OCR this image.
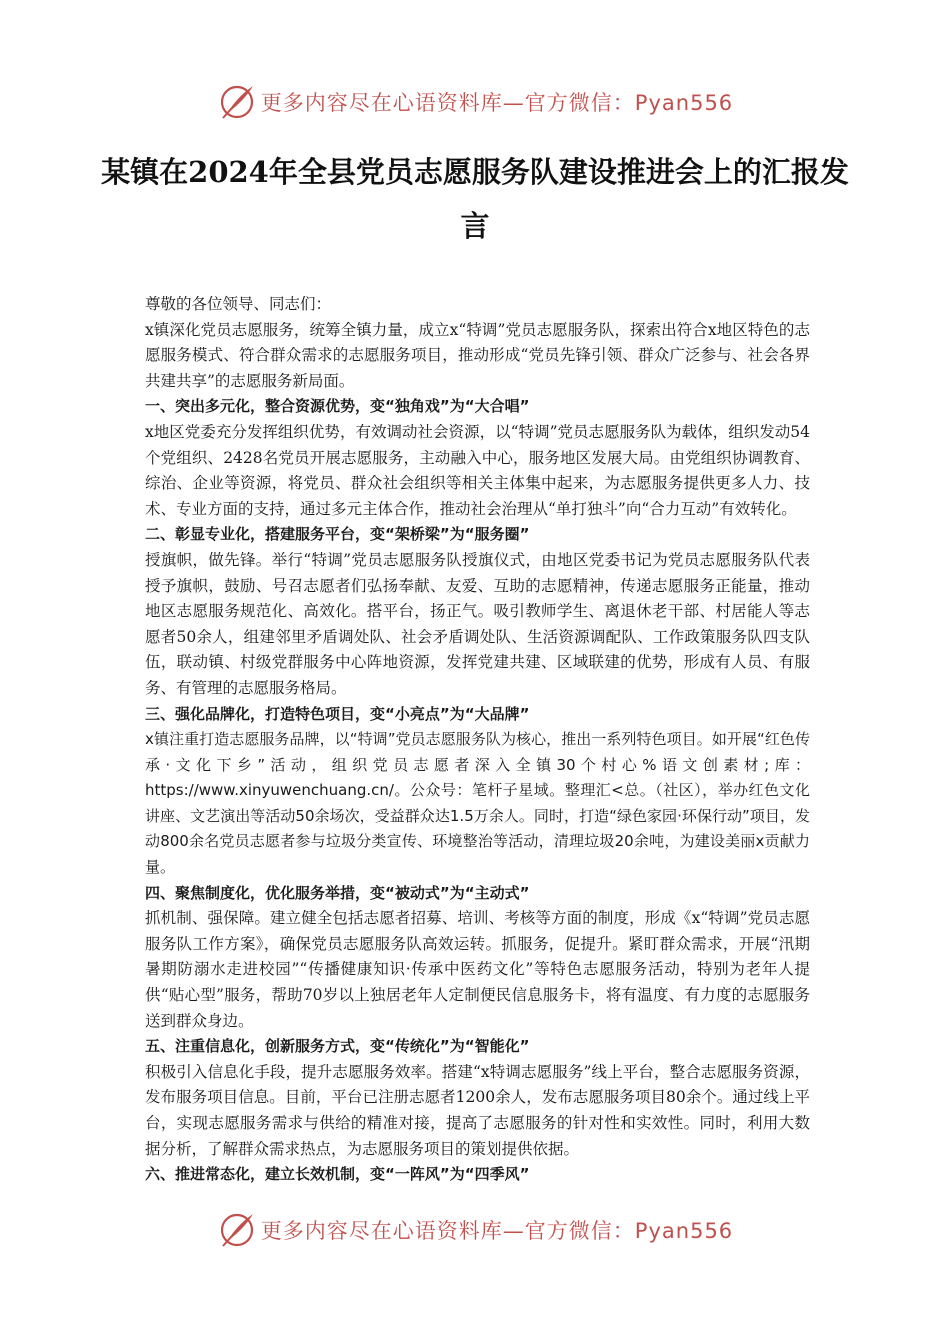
更多内容尽在心语资料库—官方微信：Pyan556
某镇在2024年全县党员志愿服务队建设推进会上的汇报发言

尊敬的各位领导、同志们：

x镇深化党员志愿服务，统筹全镇力量，成立x“特调”党员志愿服务队，探索出符合x地区特色的志愿服务模式、符合群众需求的志愿服务项目，推动形成“党员先锋引领、群众广泛参与、社会各界共建共享”的志愿服务新局面。

一、突出多元化，整合资源优势，变“独角戏”为“大合唱”

x地区党委充分发挥组织优势，有效调动社会资源，以“特调”党员志愿服务队为载体，组织发动54个党组织、2428名党员开展志愿服务，主动融入中心，服务地区发展大局。由党组织协调教育、综治、企业等资源，将党员、群众社会组织等相关主体集中起来，为志愿服务提供更多人力、技术、专业方面的支持，通过多元主体合作，推动社会治理从“单打独斗”向“合力互动”有效转化。

二、彰显专业化，搭建服务平台，变“架桥梁”为“服务圈”

授旗帜，做先锋。举行“特调”党员志愿服务队授旗仪式，由地区党委书记为党员志愿服务队代表授予旗帜，鼓励、号召志愿者们弘扬奉献、友爱、互助的志愿精神，传递志愿服务正能量，推动地区志愿服务规范化、高效化。搭平台，扬正气。吸引教师学生、离退休老干部、村居能人等志愿者50余人，组建邻里矛盾调处队、社会矛盾调处队、生活资源调配队、工作政策服务队四支队伍，联动镇、村级党群服务中心阵地资源，发挥党建共建、区域联建的优势，形成有人员、有服务、有管理的志愿服务格局。

三、强化品牌化，打造特色项目，变“小亮点”为“大品牌”

x镇注重打造志愿服务品牌，以“特调”党员志愿服务队为核心，推出一系列特色项目。如开展“红色传承·文化下乡”活动，组织党员志愿者深入全镇30个村心%语文创素材;库：https://www.xinyuwenchuang.cn/。公众号：笔杆子星域。整理汇<总。（社区），举办红色文化讲座、文艺演出等活动50余场次，受益群众达1.5万余人。同时，打造“绿色家园·环保行动”项目，发动800余名党员志愿者参与垃圾分类宣传、环境整治等活动，清理垃圾20余吨，为建设美丽x贡献力量。

四、聚焦制度化，优化服务举措，变“被动式”为“主动式”

抓机制、强保障。建立健全包括志愿者招募、培训、考核等方面的制度，形成《x“特调”党员志愿服务队工作方案》，确保党员志愿服务队高效运转。抓服务，促提升。紧盯群众需求，开展“汛期暑期防溺水走进校园”“传播健康知识·传承中医药文化”等特色志愿服务活动，特别为老年人提供“贴心型”服务，帮助70岁以上独居老年人定制便民信息服务卡，将有温度、有力度的志愿服务送到群众身边。

五、注重信息化，创新服务方式，变“传统化”为“智能化”

积极引入信息化手段，提升志愿服务效率。搭建“x特调志愿服务”线上平台，整合志愿服务资源，发布服务项目信息。目前，平台已注册志愿者1200余人，发布志愿服务项目80余个。通过线上平台，实现志愿服务需求与供给的精准对接，提高了志愿服务的针对性和实效性。同时，利用大数据分析，了解群众需求热点，为志愿服务项目的策划提供依据。

六、推进常态化，建立长效机制，变“一阵风”为“四季风”

更多内容尽在心语资料库—官方微信：Pyan556
